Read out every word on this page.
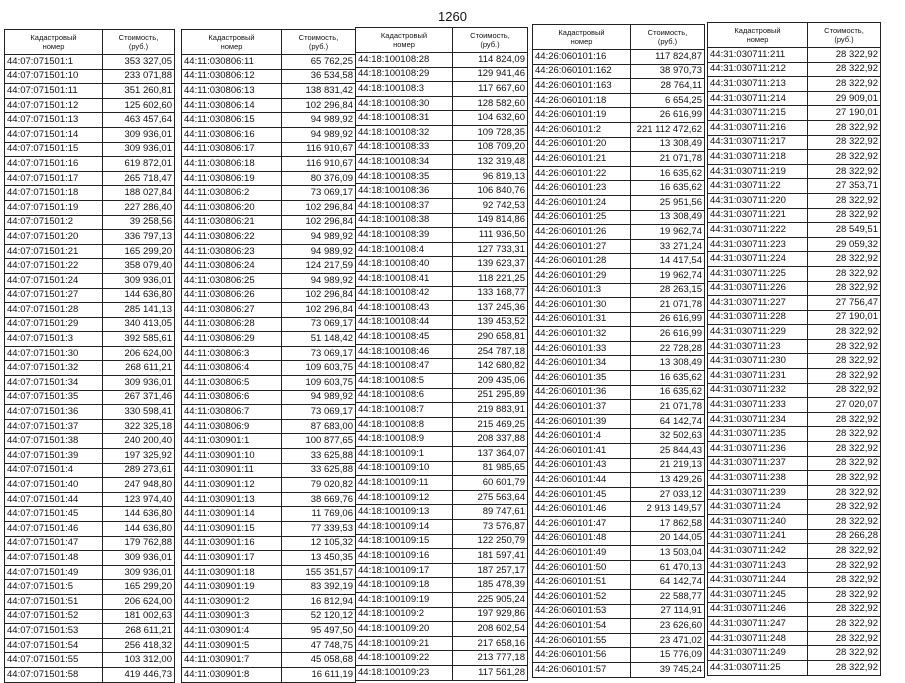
1260
Кадастровый
номер	Стоимость,
(руб.)
44:07:071501:1	353 327,05
44:07:071501:10	233 071,88
44:07:071501:11	351 260,81
44:07:071501:12	125 602,60
44:07:071501:13	463 457,64
44:07:071501:14	309 936,01
44:07:071501:15	309 936,01
44:07:071501:16	619 872,01
44:07:071501:17	265 718,47
44:07:071501:18	188 027,84
44:07:071501:19	227 286,40
44:07:071501:2	39 258,56
44:07:071501:20	336 797,13
44:07:071501:21	165 299,20
44:07:071501:22	358 079,40
44:07:071501:24	309 936,01
44:07:071501:27	144 636,80
44:07:071501:28	285 141,13
44:07:071501:29	340 413,05
44:07:071501:3	392 585,61
44:07:071501:30	206 624,00
44:07:071501:32	268 611,21
44:07:071501:34	309 936,01
44:07:071501:35	267 371,46
44:07:071501:36	330 598,41
44:07:071501:37	322 325,18
44:07:071501:38	240 200,40
44:07:071501:39	197 325,92
44:07:071501:4	289 273,61
44:07:071501:40	247 948,80
44:07:071501:44	123 974,40
44:07:071501:45	144 636,80
44:07:071501:46	144 636,80
44:07:071501:47	179 762,88
44:07:071501:48	309 936,01
44:07:071501:49	309 936,01
44:07:071501:5	165 299,20
44:07:071501:51	206 624,00
44:07:071501:52	181 002,63
44:07:071501:53	268 611,21
44:07:071501:54	256 418,32
44:07:071501:55	103 312,00
44:07:071501:58	419 446,73
Кадастровый
номер	Стоимость,
(руб.)
44:11:030806:11	65 762,25
44:11:030806:12	36 534,58
44:11:030806:13	138 831,42
44:11:030806:14	102 296,84
44:11:030806:15	94 989,92
44:11:030806:16	94 989,92
44:11:030806:17	116 910,67
44:11:030806:18	116 910,67
44:11:030806:19	80 376,09
44:11:030806:2	73 069,17
44:11:030806:20	102 296,84
44:11:030806:21	102 296,84
44:11:030806:22	94 989,92
44:11:030806:23	94 989,92
44:11:030806:24	124 217,59
44:11:030806:25	94 989,92
44:11:030806:26	102 296,84
44:11:030806:27	102 296,84
44:11:030806:28	73 069,17
44:11:030806:29	51 148,42
44:11:030806:3	73 069,17
44:11:030806:4	109 603,75
44:11:030806:5	109 603,75
44:11:030806:6	94 989,92
44:11:030806:7	73 069,17
44:11:030806:9	87 683,00
44:11:030901:1	100 877,65
44:11:030901:10	33 625,88
44:11:030901:11	33 625,88
44:11:030901:12	79 020,82
44:11:030901:13	38 669,76
44:11:030901:14	11 769,06
44:11:030901:15	77 339,53
44:11:030901:16	12 105,32
44:11:030901:17	13 450,35
44:11:030901:18	155 351,57
44:11:030901:19	83 392,19
44:11:030901:2	16 812,94
44:11:030901:3	52 120,12
44:11:030901:4	95 497,50
44:11:030901:5	47 748,75
44:11:030901:7	45 058,68
44:11:030901:8	16 611,19
Кадастровый
номер	Стоимость,
(руб.)
44:18:100108:28	114 824,09
44:18:100108:29	129 941,46
44:18:100108:3	117 667,60
44:18:100108:30	128 582,60
44:18:100108:31	104 632,60
44:18:100108:32	109 728,35
44:18:100108:33	108 709,20
44:18:100108:34	132 319,48
44:18:100108:35	96 819,13
44:18:100108:36	106 840,76
44:18:100108:37	92 742,53
44:18:100108:38	149 814,86
44:18:100108:39	111 936,50
44:18:100108:4	127 733,31
44:18:100108:40	139 623,37
44:18:100108:41	118 221,25
44:18:100108:42	133 168,77
44:18:100108:43	137 245,36
44:18:100108:44	139 453,52
44:18:100108:45	290 658,81
44:18:100108:46	254 787,18
44:18:100108:47	142 680,82
44:18:100108:5	209 435,06
44:18:100108:6	251 295,89
44:18:100108:7	219 883,91
44:18:100108:8	215 469,25
44:18:100108:9	208 337,88
44:18:100109:1	137 364,07
44:18:100109:10	81 985,65
44:18:100109:11	60 601,79
44:18:100109:12	275 563,64
44:18:100109:13	89 747,61
44:18:100109:14	73 576,87
44:18:100109:15	122 250,79
44:18:100109:16	181 597,41
44:18:100109:17	187 257,17
44:18:100109:18	185 478,39
44:18:100109:19	225 905,24
44:18:100109:2	197 929,86
44:18:100109:20	208 602,54
44:18:100109:21	217 658,16
44:18:100109:22	213 777,18
44:18:100109:23	117 561,28
Кадастровый
номер	Стоимость,
(руб.)
44:26:060101:16	117 824,87
44:26:060101:162	38 970,73
44:26:060101:163	28 764,11
44:26:060101:18	6 654,25
44:26:060101:19	26 616,99
44:26:060101:2	221 112 472,62
44:26:060101:20	13 308,49
44:26:060101:21	21 071,78
44:26:060101:22	16 635,62
44:26:060101:23	16 635,62
44:26:060101:24	25 951,56
44:26:060101:25	13 308,49
44:26:060101:26	19 962,74
44:26:060101:27	33 271,24
44:26:060101:28	14 417,54
44:26:060101:29	19 962,74
44:26:060101:3	28 263,15
44:26:060101:30	21 071,78
44:26:060101:31	26 616,99
44:26:060101:32	26 616,99
44:26:060101:33	22 728,28
44:26:060101:34	13 308,49
44:26:060101:35	16 635,62
44:26:060101:36	16 635,62
44:26:060101:37	21 071,78
44:26:060101:39	64 142,74
44:26:060101:4	32 502,63
44:26:060101:41	25 844,43
44:26:060101:43	21 219,13
44:26:060101:44	13 429,26
44:26:060101:45	27 033,12
44:26:060101:46	2 913 149,57
44:26:060101:47	17 862,58
44:26:060101:48	20 144,05
44:26:060101:49	13 503,04
44:26:060101:50	61 470,13
44:26:060101:51	64 142,74
44:26:060101:52	22 588,77
44:26:060101:53	27 114,91
44:26:060101:54	23 626,60
44:26:060101:55	23 471,02
44:26:060101:56	15 776,09
44:26:060101:57	39 745,24
Кадастровый
номер	Стоимость,
(руб.)
44:31:030711:211	28 322,92
44:31:030711:212	28 322,92
44:31:030711:213	28 322,92
44:31:030711:214	29 909,01
44:31:030711:215	27 190,01
44:31:030711:216	28 322,92
44:31:030711:217	28 322,92
44:31:030711:218	28 322,92
44:31:030711:219	28 322,92
44:31:030711:22	27 353,71
44:31:030711:220	28 322,92
44:31:030711:221	28 322,92
44:31:030711:222	28 549,51
44:31:030711:223	29 059,32
44:31:030711:224	28 322,92
44:31:030711:225	28 322,92
44:31:030711:226	28 322,92
44:31:030711:227	27 756,47
44:31:030711:228	27 190,01
44:31:030711:229	28 322,92
44:31:030711:23	28 322,92
44:31:030711:230	28 322,92
44:31:030711:231	28 322,92
44:31:030711:232	28 322,92
44:31:030711:233	27 020,07
44:31:030711:234	28 322,92
44:31:030711:235	28 322,92
44:31:030711:236	28 322,92
44:31:030711:237	28 322,92
44:31:030711:238	28 322,92
44:31:030711:239	28 322,92
44:31:030711:24	28 322,92
44:31:030711:240	28 322,92
44:31:030711:241	28 266,28
44:31:030711:242	28 322,92
44:31:030711:243	28 322,92
44:31:030711:244	28 322,92
44:31:030711:245	28 322,92
44:31:030711:246	28 322,92
44:31:030711:247	28 322,92
44:31:030711:248	28 322,92
44:31:030711:249	28 322,92
44:31:030711:25	28 322,92
